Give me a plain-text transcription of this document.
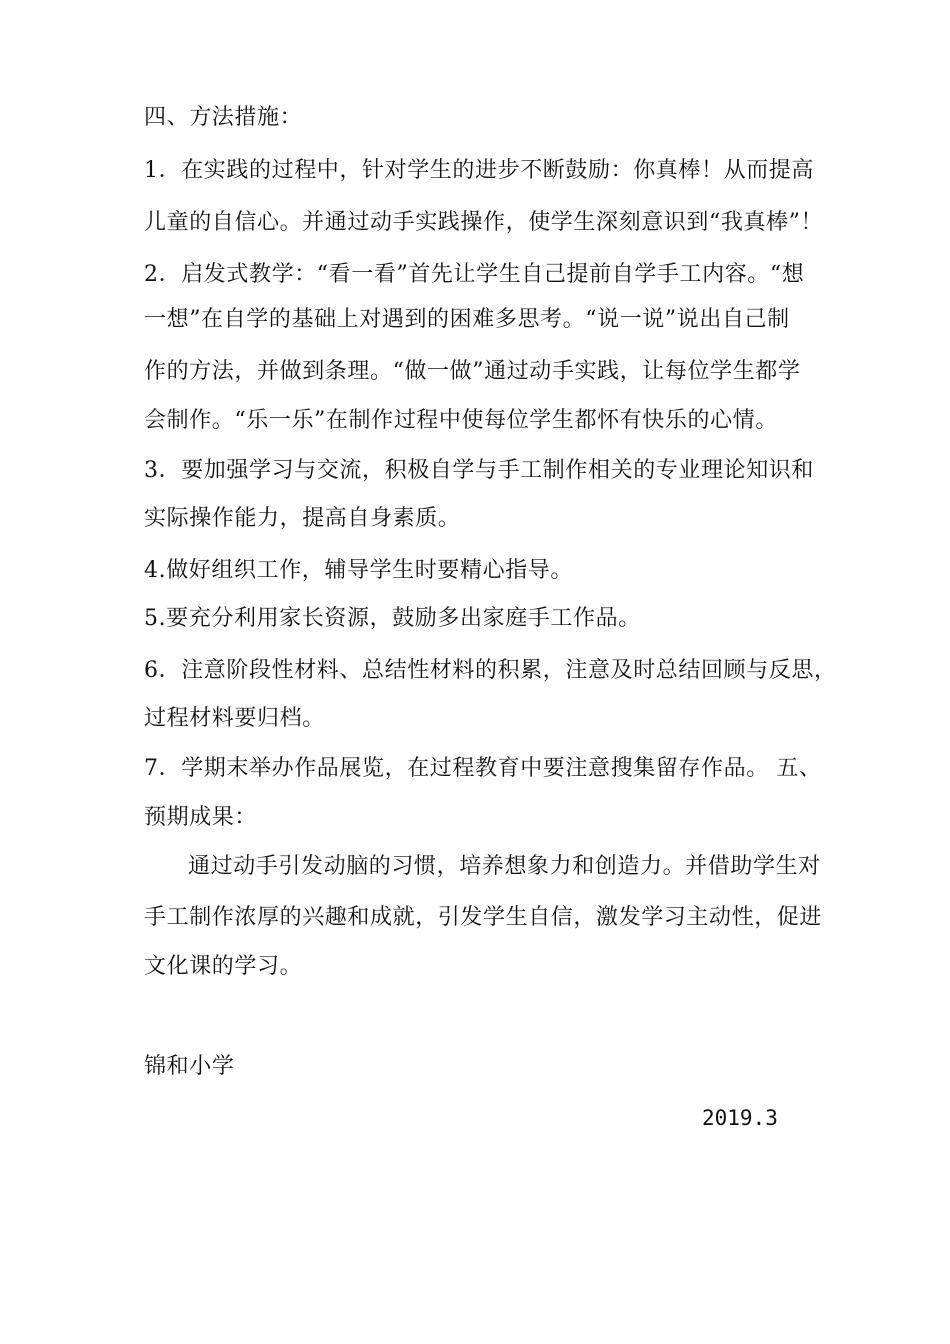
四、方法措施：
1．在实践的过程中，针对学生的进步不断鼓励：你真棒！从而提高
儿童的自信心。并通过动手实践操作，使学生深刻意识到“我真棒”！
2．启发式教学：“看一看”首先让学生自己提前自学手工内容。“想
一想”在自学的基础上对遇到的困难多思考。“说一说”说出自己制
作的方法，并做到条理。“做一做”通过动手实践，让每位学生都学
会制作。“乐一乐”在制作过程中使每位学生都怀有快乐的心情。
3．要加强学习与交流，积极自学与手工制作相关的专业理论知识和
实际操作能力，提高自身素质。
4.做好组织工作，辅导学生时要精心指导。
5.要充分利用家长资源，鼓励多出家庭手工作品。
6．注意阶段性材料、总结性材料的积累，注意及时总结回顾与反思，
过程材料要归档。
7．学期末举办作品展览，在过程教育中要注意搜集留存作品。 五、
预期成果：
通过动手引发动脑的习惯，培养想象力和创造力。并借助学生对
手工制作浓厚的兴趣和成就，引发学生自信，激发学习主动性，促进
文化课的学习。
锦和小学
2019.3
